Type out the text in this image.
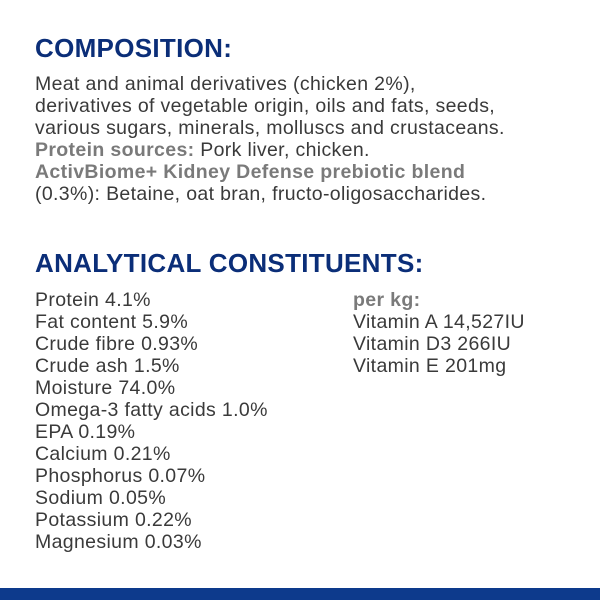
COMPOSITION:

Meat and animal derivatives (chicken 2%),

derivatives of vegetable origin, oils and fats, seeds,

various sugars, minerals, molluscs and crustaceans.

Protein sources: Pork liver, chicken.

ActivBiome+ Kidney Defense prebiotic blend

(0.3%): Betaine, oat bran, fructo-oligosaccharides.

ANALYTICAL CONSTITUENTS:
Protein 4.1%
Fat content 5.9%
Crude fibre 0.93%
Crude ash 1.5%
Moisture 74.0%
Omega-3 fatty acids 1.0%
EPA 0.19%
Calcium 0.21%
Phosphorus 0.07%
Sodium 0.05%
Potassium 0.22%
Magnesium 0.03%
per kg:
Vitamin A 14,527IU
Vitamin D3 266IU
Vitamin E 201mg
